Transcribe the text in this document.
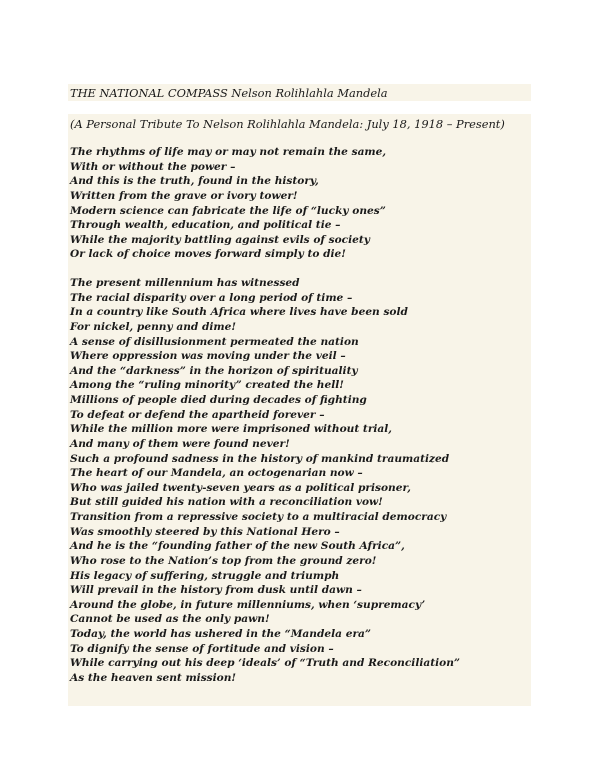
THE NATIONAL COMPASS Nelson Rolihlahla Mandela
(A Personal Tribute To Nelson Rolihlahla Mandela: July 18, 1918 – Present)
The rhythms of life may or may not remain the same,
With or without the power –
And this is the truth, found in the history,
Written from the grave or ivory tower!
Modern science can fabricate the life of “lucky ones”
Through wealth, education, and political tie –
While the majority battling against evils of society
Or lack of choice moves forward simply to die!
The present millennium has witnessed
The racial disparity over a long period of time –
In a country like South Africa where lives have been sold
For nickel, penny and dime!
A sense of disillusionment permeated the nation
Where oppression was moving under the veil –
And the “darkness” in the horizon of spirituality
Among the “ruling minority” created the hell!
Millions of people died during decades of fighting
To defeat or defend the apartheid forever –
While the million more were imprisoned without trial,
And many of them were found never!
Such a profound sadness in the history of mankind traumatized
The heart of our Mandela, an octogenarian now –
Who was jailed twenty-seven years as a political prisoner,
But still guided his nation with a reconciliation vow!
Transition from a repressive society to a multiracial democracy
Was smoothly steered by this National Hero –
And he is the “founding father of the new South Africa”,
Who rose to the Nation’s top from the ground zero!
His legacy of suffering, struggle and triumph
Will prevail in the history from dusk until dawn –
Around the globe, in future millenniums, when ‘supremacy’
Cannot be used as the only pawn!
Today, the world has ushered in the “Mandela era”
To dignify the sense of fortitude and vision –
While carrying out his deep ‘ideals’ of “Truth and Reconciliation”
As the heaven sent mission!
